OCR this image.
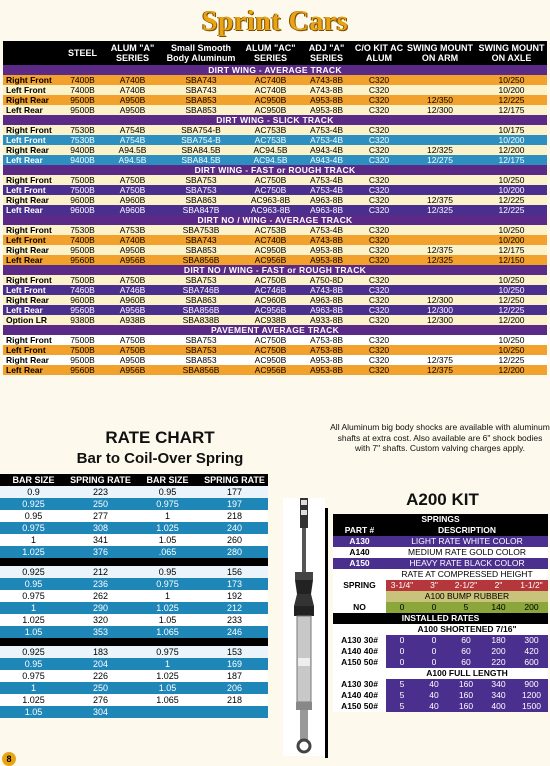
Sprint Cars
	STEEL	ALUM "A" SERIES	Small Smooth Body Aluminum	ALUM "AC" SERIES	ADJ "A" SERIES	C/O KIT AC ALUM	SWING MOUNT ON ARM	SWING MOUNT ON AXLE
DIRT WING - AVERAGE TRACK								
Right Front	7400B	A740B	SBA743	AC740B	A743-8B	C320		10/250
Left Front	7400B	A740B	SBA743	AC740B	A743-8B	C320		10/200
Right Rear	9500B	A950B	SBA853	AC950B	A953-8B	C320	12/350	12/225
Left Rear	9500B	A950B	SBA853	AC950B	A953-8B	C320	12/300	12/175
DIRT WING - SLICK TRACK								
Right Front	7530B	A754B	SBA754-B	AC753B	A753-4B	C320		10/175
Left Front	7530B	A754B	SBA754-B	AC753B	A753-4B	C320		10/200
Right Rear	9400B	A94.5B	SBA84.5B	AC94.5B	A943-4B	C320	12/325	12/200
Left Rear	9400B	A94.5B	SBA84.5B	AC94.5B	A943-4B	C320	12/275	12/175
DIRT WING - FAST or ROUGH TRACK								
Right Front	7500B	A750B	SBA753	AC750B	A753-4B	C320		10/250
Left Front	7500B	A750B	SBA753	AC750B	A753-4B	C320		10/200
Right Rear	9600B	A960B	SBA863	AC963-8B	A963-8B	C320	12/375	12/225
Left Rear	9600B	A960B	SBA847B	AC963-8B	A963-8B	C320	12/325	12/225
DIRT NO / WING - AVERAGE TRACK								
Right Front	7530B	A753B	SBA753B	AC753B	A753-4B	C320		10/250
Left Front	7400B	A740B	SBA743	AC740B	A743-8B	C320		10/200
Right Rear	9500B	A950B	SBA853	AC950B	A953-8B	C320	12/375	12/175
Left Rear	9560B	A956B	SBA856B	AC956B	A953-8B	C320	12/325	12/150
DIRT NO / WING - FAST or ROUGH TRACK								
Right Front	7500B	A750B	SBA753	AC750B	A750-8D	C320		10/250
Left Front	7460B	A746B	SBA746B	AC746B	A743-8B	C320		10/250
Right Rear	9600B	A960B	SBA863	AC960B	A963-8B	C320	12/300	12/250
Left Rear	9560B	A956B	SBA856B	AC956B	A963-8B	C320	12/300	12/225
Option LR	9380B	A938B	SBA838B	AC938B	A933-8B	C320	12/300	12/200
PAVEMENT AVERAGE TRACK								
Right Front	7500B	A750B	SBA753	AC750B	A753-8B	C320		10/250
Left Front	7500B	A750B	SBA753	AC750B	A753-8B	C320		10/250
Right Rear	9500B	A950B	SBA853	AC950B	A953-8B	C320	12/375	12/225
Left Rear	9560B	A956B	SBA856B	AC956B	A953-8B	C320	12/375	12/200
All Aluminum big body shocks are available with aluminum shafts at extra cost. Also available are 6" shock bodies with 7" shafts. Custom valving charges apply.
RATE CHART
Bar to Coil-Over Spring
BAR SIZE	SPRING RATE	BAR SIZE	SPRING RATE
0.9	223	0.95	177
0.925	250	0.975	197
0.95	277	1	218
0.975	308	1.025	240
1	341	1.05	260
1.025	376	.065	280

0.925	212	0.95	156
0.95	236	0.975	173
0.975	262	1	192
1	290	1.025	212
1.025	320	1.05	233
1.05	353	1.065	246

0.925	183	0.975	153
0.95	204	1	169
0.975	226	1.025	187
1	250	1.05	206
1.025	276	1.065	218
1.05	304		
A200 KIT
SPRINGS					
PART #	DESCRIPTION				
A130	LIGHT RATE WHITE COLOR				
A140	MEDIUM RATE GOLD COLOR				
A150	HEAVY RATE BLACK COLOR				
	RATE AT COMPRESSED HEIGHT				
SPRING	3-1/4"	3"	2-1/2"	2"	1-1/2"
	A100 BUMP RUBBER				
NO	0	0	5	140	200
INSTALLED RATES					
	A100 SHORTENED 7/16"				
A130 30#	0	0	60	180	300
A140 40#	0	0	60	200	420
A150 50#	0	0	60	220	600
	A100 FULL LENGTH				
A130 30#	5	40	160	340	900
A140 40#	5	40	160	340	1200
A150 50#	5	40	160	400	1500
8
